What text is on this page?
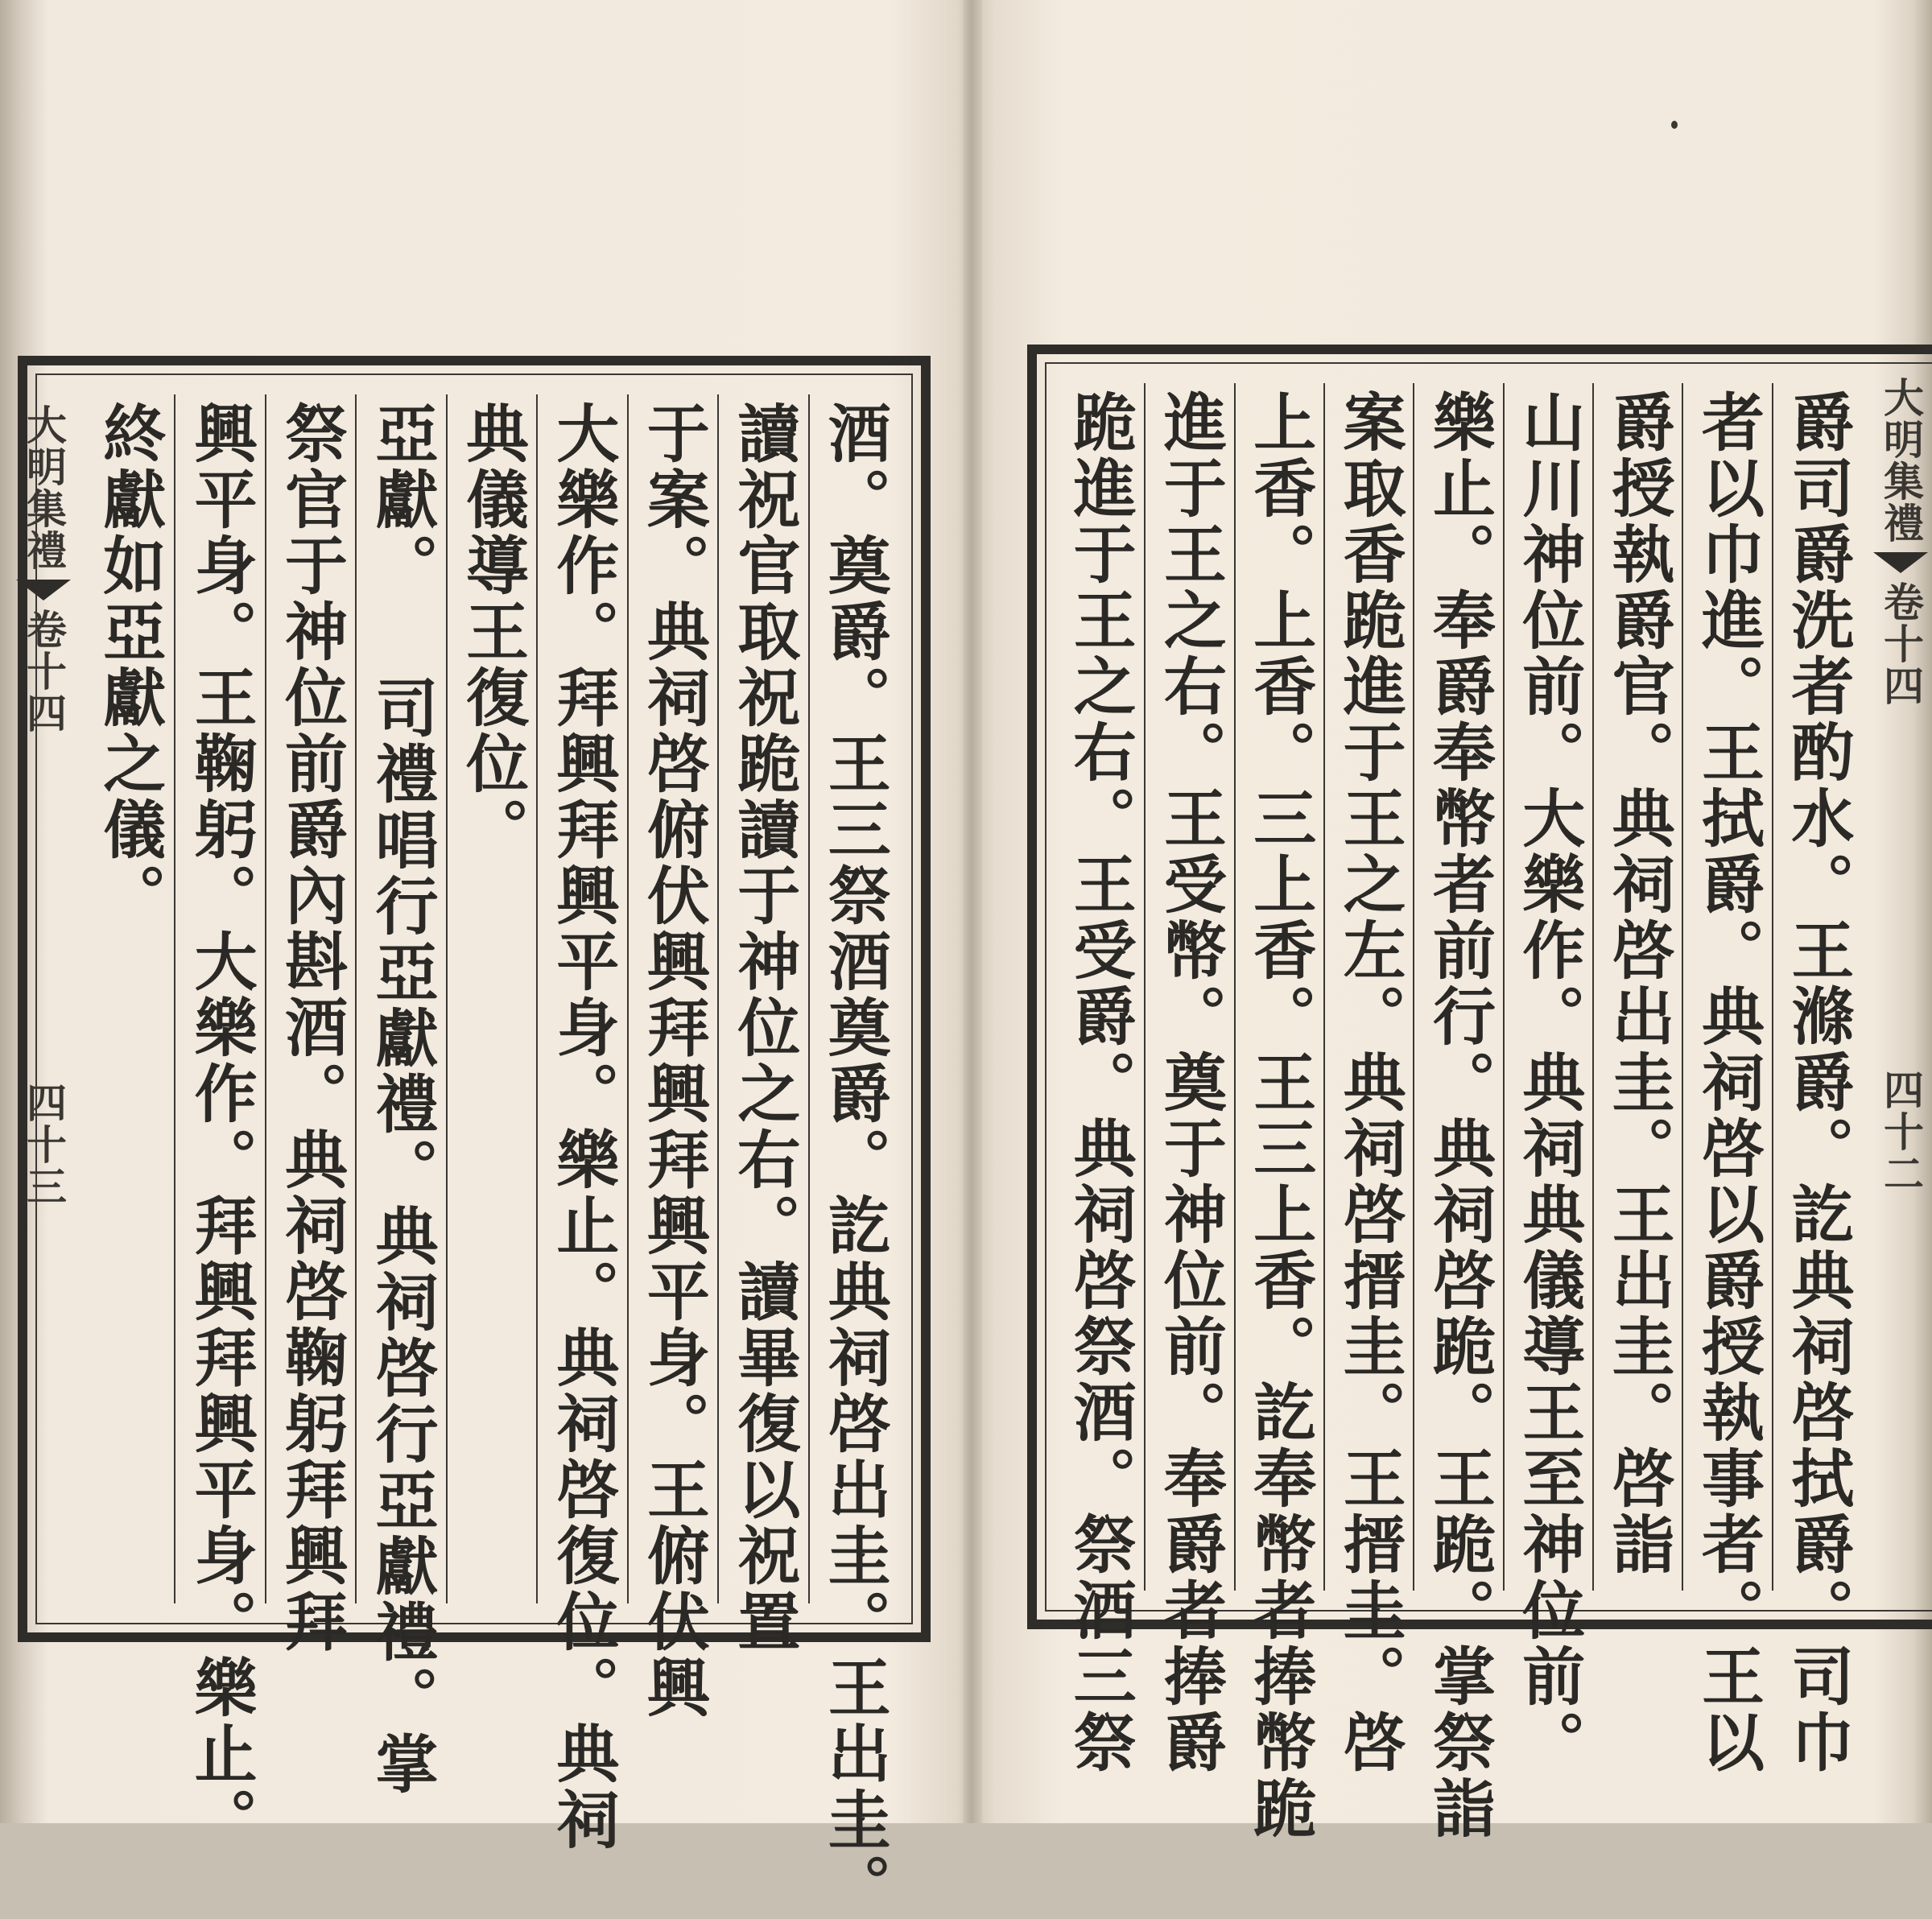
酒。奠爵。王三祭酒奠爵。訖典祠啓出圭。王出圭。
讀祝官取祝跪讀于神位之右。讀畢復以祝置
于案。典祠啓俯伏興拜興拜興平身。王俯伏興
大樂作。拜興拜興平身。樂止。典祠啓復位。典祠
典儀導王復位。
亞獻。 司禮唱行亞獻禮。典祠啓行亞獻禮。掌
祭官于神位前爵內斟酒。典祠啓鞠躬拜興拜
興平身。王鞠躬。大樂作。拜興拜興平身。樂止。
終獻如亞獻之儀。
大明集禮
卷十四
四十三	爵司爵洗者酌水。王滌爵。訖典祠啓拭爵。司巾
者以巾進。王拭爵。典祠啓以爵授執事者。王以
爵授執爵官。典祠啓出圭。王出圭。啓詣
山川神位前。大樂作。典祠典儀導王至神位前。
樂止。奉爵奉幣者前行。典祠啓跪。王跪。掌祭詣
案取香跪進于王之左。典祠啓搢圭。王搢圭。啓
上香。上香。三上香。王三上香。訖奉幣者捧幣跪
進于王之右。王受幣。奠于神位前。奉爵者捧爵
跪進于王之右。王受爵。典祠啓祭酒。祭酒三祭	大明集禮
卷十四
四十二
